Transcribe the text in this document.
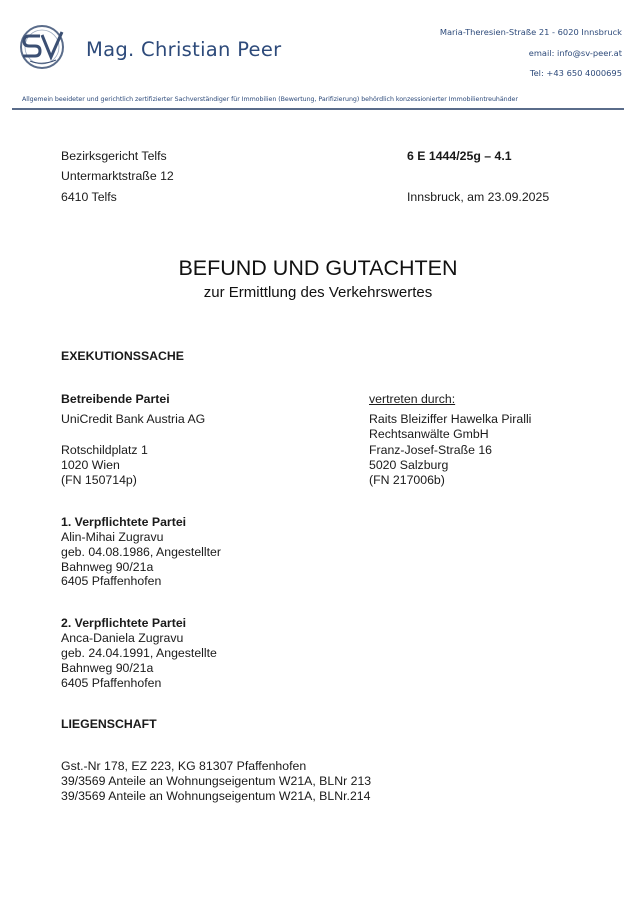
Mag. Christian Peer
Maria-Theresien-Straße 21 - 6020 Innsbruck
email: info@sv-peer.at
Tel: +43 650 4000695
Allgemein beeideter und gerichtlich zertifizierter Sachverständiger für Immobilien (Bewertung, Parifizierung) behördlich konzessionierter Immobilientreuhänder
Bezirksgericht Telfs
Untermarktstraße 12
6410 Telfs
6 E 1444/25g – 4.1
Innsbruck, am 23.09.2025
BEFUND UND GUTACHTEN
zur Ermittlung des Verkehrswertes
EXEKUTIONSSACHE
Betreibende Partei
UniCredit Bank Austria AG
Rotschildplatz 1
1020 Wien
(FN 150714p)
vertreten durch:
Raits Bleiziffer Hawelka Piralli
Rechtsanwälte GmbH
Franz-Josef-Straße 16
5020 Salzburg
(FN 217006b)
1. Verpflichtete Partei
Alin-Mihai Zugravu
geb. 04.08.1986, Angestellter
Bahnweg 90/21a
6405 Pfaffenhofen
2. Verpflichtete Partei
Anca-Daniela Zugravu
geb. 24.04.1991, Angestellte
Bahnweg 90/21a
6405 Pfaffenhofen
LIEGENSCHAFT
Gst.-Nr 178, EZ 223, KG 81307 Pfaffenhofen
39/3569 Anteile an Wohnungseigentum W21A, BLNr 213
39/3569 Anteile an Wohnungseigentum W21A, BLNr.214
